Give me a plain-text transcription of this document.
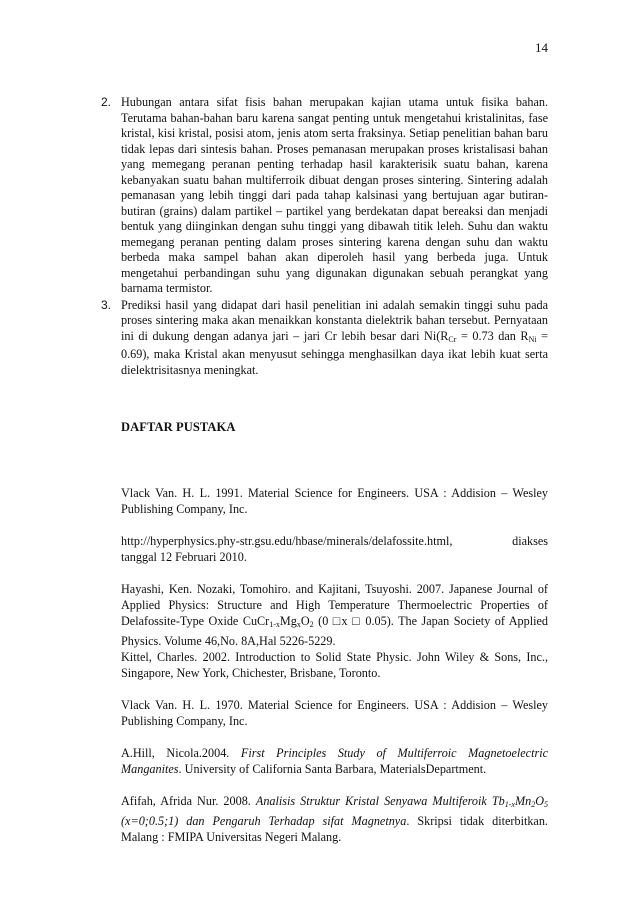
14
2. Hubungan antara sifat fisis bahan merupakan kajian utama untuk fisika bahan. Terutama bahan-bahan baru karena sangat penting untuk mengetahui kristalinitas, fase kristal, kisi kristal, posisi atom, jenis atom serta fraksinya. Setiap penelitian bahan baru tidak lepas dari sintesis bahan. Proses pemanasan merupakan proses kristalisasi bahan yang memegang peranan penting terhadap hasil karakterisik suatu bahan, karena kebanyakan suatu bahan multiferroik dibuat dengan proses sintering. Sintering adalah pemanasan yang lebih tinggi dari pada tahap kalsinasi yang bertujuan agar butiran- butiran (grains) dalam partikel – partikel yang berdekatan dapat bereaksi dan menjadi bentuk yang diinginkan dengan suhu tinggi yang dibawah titik leleh. Suhu dan waktu memegang peranan penting dalam proses sintering karena dengan suhu dan waktu berbeda maka sampel bahan akan diperoleh hasil yang berbeda juga. Untuk mengetahui perbandingan suhu yang digunakan digunakan sebuah perangkat yang barnama termistor.
3. Prediksi hasil yang didapat dari hasil penelitian ini adalah semakin tinggi suhu pada proses sintering maka akan menaikkan konstanta dielektrik bahan tersebut. Pernyataan ini di dukung dengan adanya jari – jari Cr lebih besar dari $Ni(R_{Cr} = 0.73$ dan $R_{Ni} = 0.69$), maka Kristal akan menyusut sehingga menghasilkan daya ikat lebih kuat serta dielektrisitasnya meningkat.
DAFTAR PUSTAKA

Vlack Van. H. L. 1991. Material Science for Engineers. USA : Addision – Wesley Publishing Company, Inc.

http://hyperphysics.phy-str.gsu.edu/hbase/minerals/delafossite.html,	diakses
tanggal 12 Februari 2010.

Hayashi, Ken. Nozaki, Tomohiro. and Kajitani, Tsuyoshi. 2007. Japanese Journal of Applied Physics: Structure and High Temperature Thermoelectric Properties of Delafossite-Type Oxide $CuCr_{1-x}Mg_xO_2$ (0 □x □ 0.05). The Japan Society of Applied Physics. Volume 46,No. 8A,Hal 5226-5229.

Kittel, Charles. 2002. Introduction to Solid State Physic. John Wiley & Sons, Inc., Singapore, New York, Chichester, Brisbane, Toronto.

Vlack Van. H. L. 1970. Material Science for Engineers. USA : Addision – Wesley Publishing Company, Inc.

A.Hill, Nicola.2004. First Principles Study of Multiferroic Magnetoelectric Manganites. University of California Santa Barbara, MaterialsDepartment.

Afifah, Afrida Nur. 2008. Analisis Struktur Kristal Senyawa Multiferoik $Tb_{1-x}Mn_2O_5$ (x=0;0.5;1) dan Pengaruh Terhadap sifat Magnetnya. Skripsi tidak diterbitkan. Malang : FMIPA Universitas Negeri Malang.
